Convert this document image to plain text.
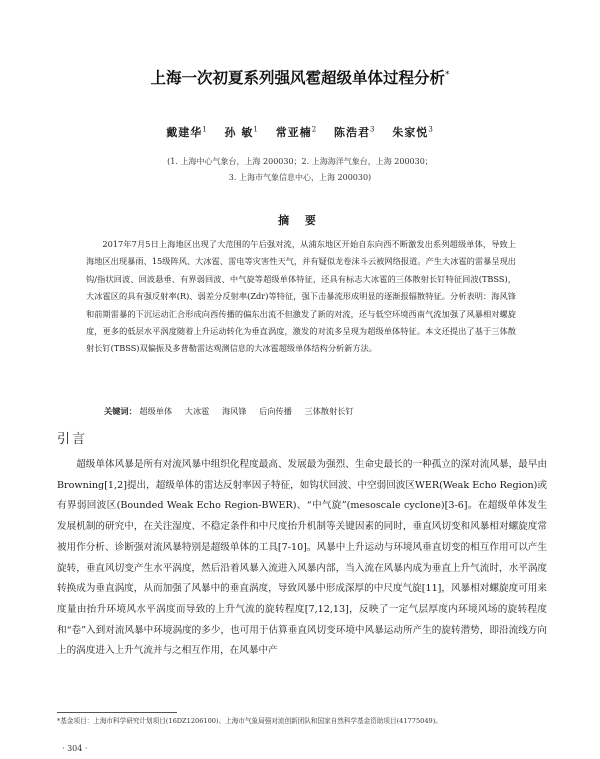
上海一次初夏系列强风雹超级单体过程分析*
戴建华$^1$ 孙 敏$^1$ 常亚楠$^2$ 陈浩君$^3$ 朱家悦$^3$
(1. 上海中心气象台，上海 200030；2. 上海海洋气象台，上海 200030；
3. 上海市气象信息中心，上海 200030)
摘 要
2017年7月5日上海地区出现了大范围的午后强对流，从浦东地区开始自东向西不断激发出系列超级单体，导致上海地区出现暴雨、15级阵风、大冰雹、雷电等灾害性天气，并有疑似龙卷沫斗云被网络报道。产生大冰雹的雷暴呈现出钩/指状回波、回波悬垂、有界弱回波、中气旋等超级单体特征，还具有标志大冰雹的三体散射长钉特征回波(TBSS)，大冰雹区的具有强反射率(R)、弱差分反射率(Zdr)等特征，强下击暴流形成明显的逐渐报辐散特征。分析表明：海风锋和前期雷暴的下沉运动汇合形成向西传播的偏东出流不但激发了新的对流，还与低空环境西南气流加强了风暴相对螺旋度，更多的低层水平涡度随着上升运动转化为垂直涡度，激发的对流多呈现为超级单体特征。本文还提出了基于三体散射长钉(TBSS)双偏振及多普勒雷达观测信息的大冰雹超级单体结构分析新方法。
关键词： 超级单体 大冰雹 海风锋 后向传播 三体散射长钉
引言
超级单体风暴是所有对流风暴中组织化程度最高、发展最为强烈、生命史最长的一种孤立的深对流风暴，最早由Browning[1,2]提出，超级单体的雷达反射率因子特征，如钩状回波、中空弱回波区WER(Weak Echo Region)或有界弱回波区(Bounded Weak Echo Region-BWER)、“中气旋”(mesoscale cyclone)[3-6]。在超级单体发生发展机制的研究中，在关注湿度、不稳定条件和中尺度抬升机制等关键因素的同时，垂直风切变和风暴相对螺旋度常被用作分析、诊断强对流风暴特别是超级单体的工具[7-10]。风暴中上升运动与环境风垂直切变的相互作用可以产生旋转，垂直风切变产生水平涡度，然后沿着风暴入流进入风暴内部，当入流在风暴内成为垂直上升气流时，水平涡度转换成为垂直涡度，从而加强了风暴中的垂直涡度，导致风暴中形成深厚的中尺度气旋[11]，风暴相对螺旋度可用来度量由抬升环境风水平涡度而导致的上升气流的旋转程度[7,12,13]，反映了一定气层厚度内环境风场的旋转程度和“卷”入到对流风暴中环境涡度的多少，也可用于估算垂直风切变环境中风暴运动所产生的旋转潜势，即沿流线方向上的涡度进入上升气流并与之相互作用，在风暴中产
*基金项目：上海市科学研究计划项目(16DZ1206100)、上海市气象局强对流创新团队和国家自然科学基金资助项目(41775049)。
· 304 ·
